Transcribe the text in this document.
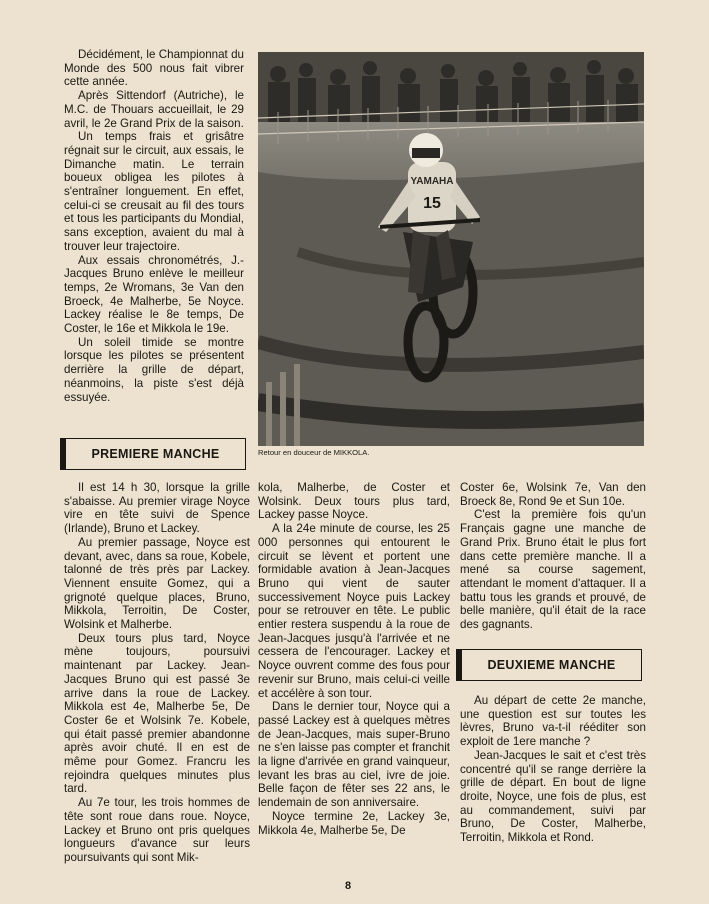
Décidément, le Championnat du Monde des 500 nous fait vibrer cette année.

Après Sittendorf (Autriche), le M.C. de Thouars accueillait, le 29 avril, le 2e Grand Prix de la saison.

Un temps frais et grisâtre régnait sur le circuit, aux essais, le Dimanche matin. Le terrain boueux obligea les pilotes à s'entraîner longuement. En effet, celui-ci se creusait au fil des tours et tous les participants du Mondial, sans exception, avaient du mal à trouver leur trajectoire.

Aux essais chronométrés, J.-Jacques Bruno enlève le meilleur temps, 2e Wromans, 3e Van den Broeck, 4e Malherbe, 5e Noyce. Lackey réalise le 8e temps, De Coster, le 16e et Mikkola le 19e.

Un soleil timide se montre lorsque les pilotes se présentent derrière la grille de départ, néanmoins, la piste s'est déjà essuyée.

YAMAHA
15
Retour en douceur de MIKKOLA.
PREMIERE MANCHE

Il est 14 h 30, lorsque la grille s'abaisse. Au premier virage Noyce vire en tête suivi de Spence (Irlande), Bruno et Lackey.

Au premier passage, Noyce est devant, avec, dans sa roue, Kobele, talonné de très près par Lackey. Viennent ensuite Gomez, qui a grignoté quelque places, Bruno, Mikkola, Terroitin, De Coster, Wolsink et Malherbe.

Deux tours plus tard, Noyce mène toujours, poursuivi maintenant par Lackey. Jean-Jacques Bruno qui est passé 3e arrive dans la roue de Lackey. Mikkola est 4e, Malherbe 5e, De Coster 6e et Wolsink 7e. Kobele, qui était passé premier abandonne après avoir chuté. Il en est de même pour Gomez. Francru les rejoindra quelques minutes plus tard.

Au 7e tour, les trois hommes de tête sont roue dans roue. Noyce, Lackey et Bruno ont pris quelques longueurs d'avance sur leurs poursuivants qui sont Mik-

kola, Malherbe, de Coster et Wolsink. Deux tours plus tard, Lackey passe Noyce.

A la 24e minute de course, les 25 000 personnes qui entourent le circuit se lèvent et portent une formidable avation à Jean-Jacques Bruno qui vient de sauter successivement Noyce puis Lackey pour se retrouver en tête. Le public entier restera suspendu à la roue de Jean-Jacques jusqu'à l'arrivée et ne cessera de l'encourager. Lackey et Noyce ouvrent comme des fous pour revenir sur Bruno, mais celui-ci veille et accélère à son tour.

Dans le dernier tour, Noyce qui a passé Lackey est à quelques mètres de Jean-Jacques, mais super-Bruno ne s'en laisse pas compter et franchit la ligne d'arrivée en grand vainqueur, levant les bras au ciel, ivre de joie. Belle façon de fêter ses 22 ans, le lendemain de son anniversaire.

Noyce termine 2e, Lackey 3e, Mikkola 4e, Malherbe 5e, De

Coster 6e, Wolsink 7e, Van den Broeck 8e, Rond 9e et Sun 10e.

C'est la première fois qu'un Français gagne une manche de Grand Prix. Bruno était le plus fort dans cette première manche. Il a mené sa course sagement, attendant le moment d'attaquer. Il a battu tous les grands et prouvé, de belle manière, qu'il était de la race des gagnants.

DEUXIEME MANCHE

Au départ de cette 2e manche, une question est sur toutes les lèvres, Bruno va-t-il rééditer son exploit de 1ere manche ?

Jean-Jacques le sait et c'est très concentré qu'il se range derrière la grille de départ. En bout de ligne droite, Noyce, une fois de plus, est au commandement, suivi par Bruno, De Coster, Malherbe, Terroitin, Mikkola et Rond.

8
